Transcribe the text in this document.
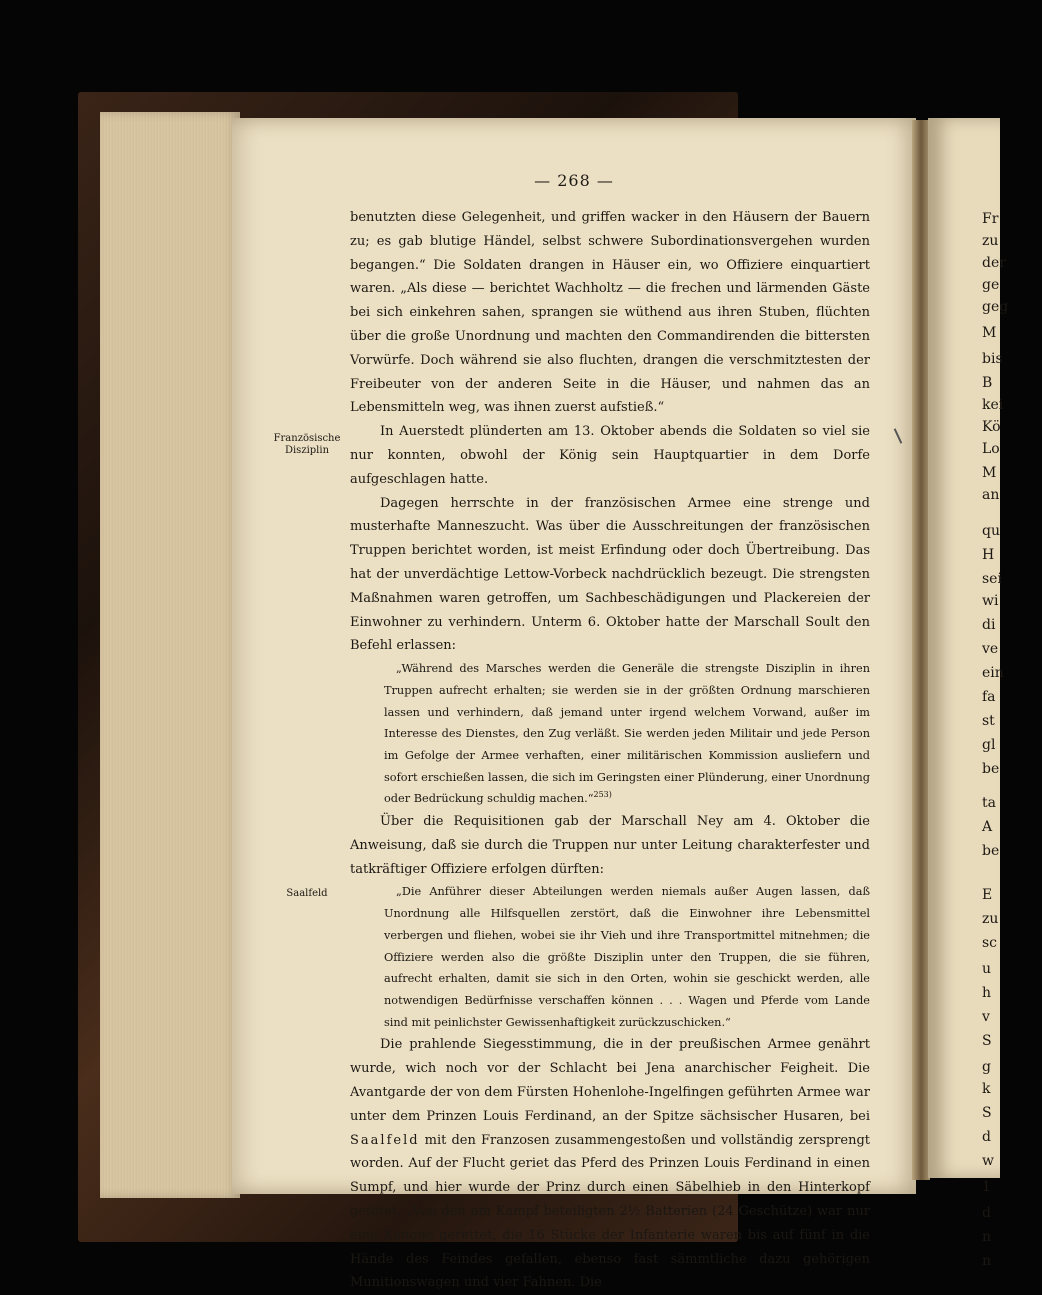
Fr
zu
der
ge
geg
M
bis
B
kei
Kö
Lo
M
an
qu
H
sei
wi
di
ve
ein
fa
st
gl
be
ta
A
be
E
zu
sc
u
h
v
S
g
k
S
d
w
1
d
n
n
— 268 —
Französische Disziplin
Saalfeld

benutzten diese Gelegenheit, und griffen wacker in den Häusern der Bauern zu; es gab blutige Händel, selbst schwere Subordinationsvergehen wurden begangen.“ Die Soldaten drangen in Häuser ein, wo Offiziere einquartiert waren. „Als diese — berichtet Wachholtz — die frechen und lärmenden Gäste bei sich einkehren sahen, sprangen sie wüthend aus ihren Stuben, flüchten über die große Unordnung und machten den Commandirenden die bittersten Vorwürfe. Doch während sie also fluchten, drangen die verschmitztesten der Freibeuter von der anderen Seite in die Häuser, und nahmen das an Lebensmitteln weg, was ihnen zuerst aufstieß.“

In Auerstedt plünderten am 13. Oktober abends die Soldaten so viel sie nur konnten, obwohl der König sein Hauptquartier in dem Dorfe aufgeschlagen hatte.

Dagegen herrschte in der französischen Armee eine strenge und musterhafte Manneszucht. Was über die Ausschreitungen der französischen Truppen berichtet worden, ist meist Erfindung oder doch Übertreibung. Das hat der unverdächtige Lettow-Vorbeck nachdrücklich bezeugt. Die strengsten Maßnahmen waren getroffen, um Sachbeschädigungen und Plackereien der Einwohner zu verhindern. Unterm 6. Oktober hatte der Marschall Soult den Befehl erlassen:

„Während des Marsches werden die Generäle die strengste Disziplin in ihren Truppen aufrecht erhalten; sie werden sie in der größten Ordnung marschieren lassen und verhindern, daß jemand unter irgend welchem Vorwand, außer im Interesse des Dienstes, den Zug verläßt. Sie werden jeden Militair und jede Person im Gefolge der Armee verhaften, einer militärischen Kommission ausliefern und sofort erschießen lassen, die sich im Geringsten einer Plünderung, einer Unordnung oder Bedrückung schuldig machen.“$^{253)}$

Über die Requisitionen gab der Marschall Ney am 4. Oktober die Anweisung, daß sie durch die Truppen nur unter Leitung charakterfester und tatkräftiger Offiziere erfolgen dürften:

„Die Anführer dieser Abteilungen werden niemals außer Augen lassen, daß Unordnung alle Hilfsquellen zerstört, daß die Einwohner ihre Lebensmittel verbergen und fliehen, wobei sie ihr Vieh und ihre Transportmittel mitnehmen; die Offiziere werden also die größte Disziplin unter den Truppen, die sie führen, aufrecht erhalten, damit sie sich in den Orten, wohin sie geschickt werden, alle notwendigen Bedürfnisse verschaffen können . . . Wagen und Pferde vom Lande sind mit peinlichster Gewissenhaftigkeit zurückzuschicken.“

Die prahlende Siegesstimmung, die in der preußischen Armee genährt wurde, wich noch vor der Schlacht bei Jena anarchischer Feigheit. Die Avantgarde der von dem Fürsten Hohenlohe-Ingelfingen geführten Armee war unter dem Prinzen Louis Ferdinand, an der Spitze sächsischer Husaren, bei Saalfeld mit den Franzosen zusammengestoßen und vollständig zersprengt worden. Auf der Flucht geriet das Pferd des Prinzen Louis Ferdinand in einen Sumpf, und hier wurde der Prinz durch einen Säbelhieb in den Hinterkopf getötet. „Von den am Kampf beteiligten 2½ Batterien (24 Geschütze) war nur eine Kanone gerettet, die 16 Stücke der Infanterie waren bis auf fünf in die Hände des Feindes gefallen, ebenso fast sämmtliche dazu gehörigen Munitionswagen und vier Fahnen. Die
